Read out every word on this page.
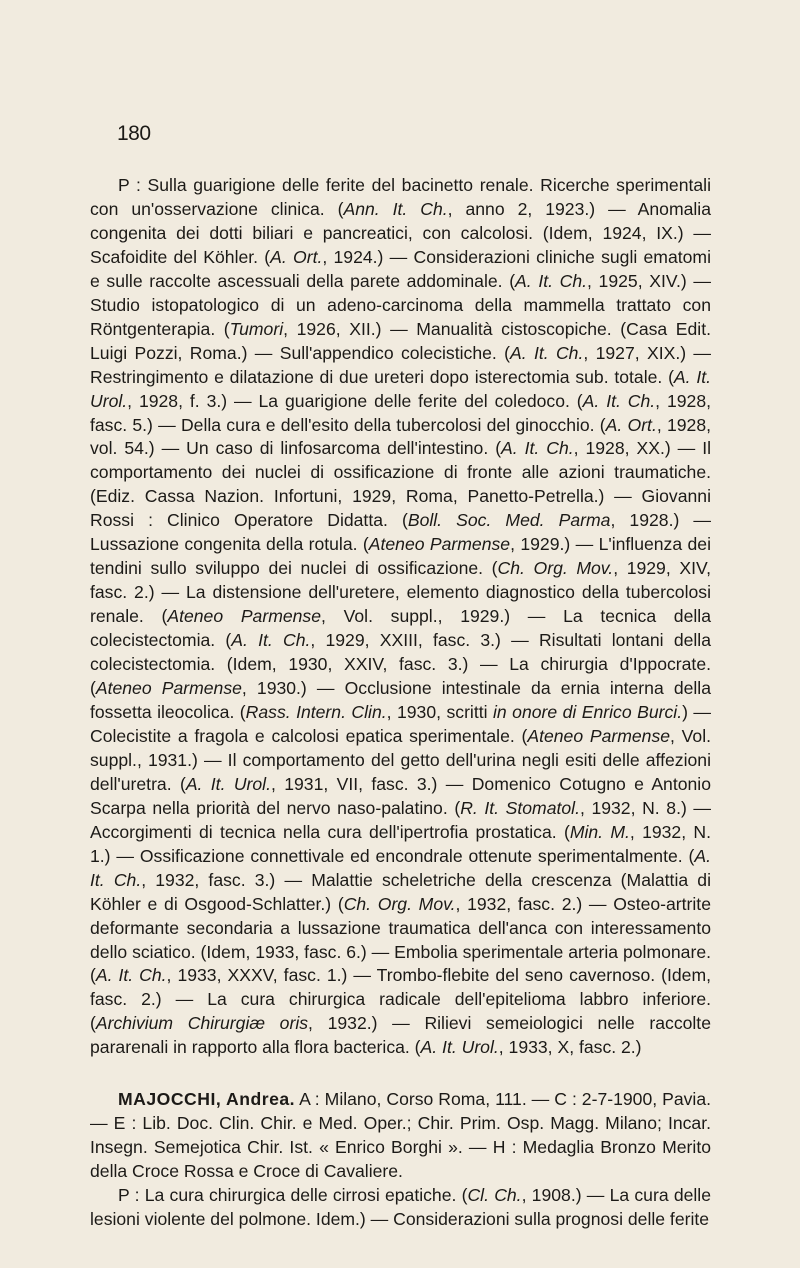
180

P : Sulla guarigione delle ferite del bacinetto renale. Ricerche sperimentali con un'osservazione clinica. (Ann. It. Ch., anno 2, 1923.) — Anomalia congenita dei dotti biliari e pancreatici, con calcolosi. (Idem, 1924, IX.) — Scafoidite del Köhler. (A. Ort., 1924.) — Considerazioni cliniche sugli ematomi e sulle raccolte ascessuali della parete addominale. (A. It. Ch., 1925, XIV.) — Studio istopatologico di un adeno-carcinoma della mammella trattato con Röntgenterapia. (Tumori, 1926, XII.) — Manualità cistoscopiche. (Casa Edit. Luigi Pozzi, Roma.) — Sull'appendico colecistiche. (A. It. Ch., 1927, XIX.) — Restringimento e dilatazione di due ureteri dopo isterectomia sub. totale. (A. It. Urol., 1928, f. 3.) — La guarigione delle ferite del coledoco. (A. It. Ch., 1928, fasc. 5.) — Della cura e dell'esito della tubercolosi del ginocchio. (A. Ort., 1928, vol. 54.) — Un caso di linfosarcoma dell'intestino. (A. It. Ch., 1928, XX.) — Il comportamento dei nuclei di ossificazione di fronte alle azioni traumatiche. (Ediz. Cassa Nazion. Infortuni, 1929, Roma, Panetto-Petrella.) — Giovanni Rossi : Clinico Operatore Didatta. (Boll. Soc. Med. Parma, 1928.) — Lussazione congenita della rotula. (Ateneo Parmense, 1929.) — L'influenza dei tendini sullo sviluppo dei nuclei di ossificazione. (Ch. Org. Mov., 1929, XIV, fasc. 2.) — La distensione dell'uretere, elemento diagnostico della tubercolosi renale. (Ateneo Parmense, Vol. suppl., 1929.) — La tecnica della colecistectomia. (A. It. Ch., 1929, XXIII, fasc. 3.) — Risultati lontani della colecistectomia. (Idem, 1930, XXIV, fasc. 3.) — La chirurgia d'Ippocrate. (Ateneo Parmense, 1930.) — Occlusione intestinale da ernia interna della fossetta ileocolica. (Rass. Intern. Clin., 1930, scritti in onore di Enrico Burci.) — Colecistite a fragola e calcolosi epatica sperimentale. (Ateneo Parmense, Vol. suppl., 1931.) — Il comportamento del getto dell'urina negli esiti delle affezioni dell'uretra. (A. It. Urol., 1931, VII, fasc. 3.) — Domenico Cotugno e Antonio Scarpa nella priorità del nervo naso-palatino. (R. It. Stomatol., 1932, N. 8.) — Accorgimenti di tecnica nella cura dell'ipertrofia prostatica. (Min. M., 1932, N. 1.) — Ossificazione connettivale ed encondrale ottenute sperimentalmente. (A. It. Ch., 1932, fasc. 3.) — Malattie scheletriche della crescenza (Malattia di Köhler e di Osgood-Schlatter.) (Ch. Org. Mov., 1932, fasc. 2.) — Osteo-artrite deformante secondaria a lussazione traumatica dell'anca con interessamento dello sciatico. (Idem, 1933, fasc. 6.) — Embolia sperimentale arteria polmonare. (A. It. Ch., 1933, XXXV, fasc. 1.) — Trombo-flebite del seno cavernoso. (Idem, fasc. 2.) — La cura chirurgica radicale dell'epitelioma labbro inferiore. (Archivium Chirurgiæ oris, 1932.) — Rilievi semeiologici nelle raccolte pararenali in rapporto alla flora bacterica. (A. It. Urol., 1933, X, fasc. 2.)

MAJOCCHI, Andrea. A : Milano, Corso Roma, 111. — C : 2-7-1900, Pavia. — E : Lib. Doc. Clin. Chir. e Med. Oper.; Chir. Prim. Osp. Magg. Milano; Incar. Insegn. Semejotica Chir. Ist. « Enrico Borghi ». — H : Medaglia Bronzo Merito della Croce Rossa e Croce di Cavaliere.

P : La cura chirurgica delle cirrosi epatiche. (Cl. Ch., 1908.) — La cura delle lesioni violente del polmone. Idem.) — Considerazioni sulla prognosi delle ferite
